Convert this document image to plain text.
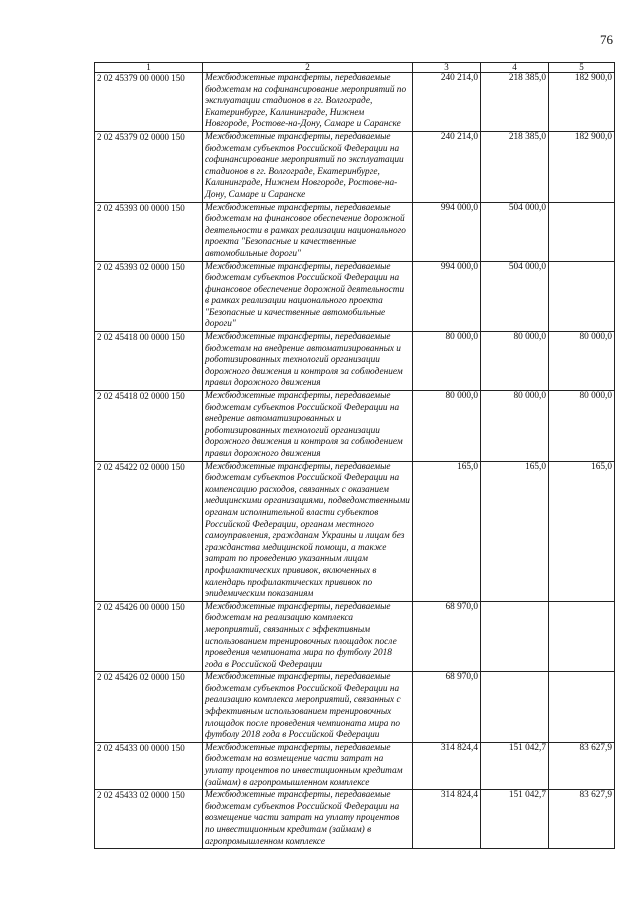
76
1	2	3	4	5
2 02 45379 00 0000 150	Межбюджетные трансферты, передаваемые бюджетам на софинансирование мероприятий по эксплуатации стадионов в гг. Волгограде, Екатеринбурге, Калининграде, Нижнем Новгороде, Ростове-на-Дону, Самаре и Саранске	240 214,0	218 385,0	182 900,0
2 02 45379 02 0000 150	Межбюджетные трансферты, передаваемые бюджетам субъектов Российской Федерации на софинансирование мероприятий по эксплуатации стадионов в гг. Волгограде, Екатеринбурге, Калининграде, Нижнем Новгороде, Ростове-на-Дону, Самаре и Саранске	240 214,0	218 385,0	182 900,0
2 02 45393 00 0000 150	Межбюджетные трансферты, передаваемые бюджетам на финансовое обеспечение дорожной деятельности в рамках реализации национального проекта "Безопасные и качественные автомобильные дороги"	994 000,0	504 000,0	
2 02 45393 02 0000 150	Межбюджетные трансферты, передаваемые бюджетам субъектов Российской Федерации на финансовое обеспечение дорожной деятельности в рамках реализации национального проекта "Безопасные и качественные автомобильные дороги"	994 000,0	504 000,0	
2 02 45418 00 0000 150	Межбюджетные трансферты, передаваемые бюджетам на внедрение автоматизированных и роботизированных технологий организации дорожного движения и контроля за соблюдением правил дорожного движения	80 000,0	80 000,0	80 000,0
2 02 45418 02 0000 150	Межбюджетные трансферты, передаваемые бюджетам субъектов Российской Федерации на внедрение автоматизированных и роботизированных технологий организации дорожного движения и контроля за соблюдением правил дорожного движения	80 000,0	80 000,0	80 000,0
2 02 45422 02 0000 150	Межбюджетные трансферты, передаваемые бюджетам субъектов Российской Федерации на компенсацию расходов, связанных с оказанием медицинскими организациями, подведомственными органам исполнительной власти субъектов Российской Федерации, органам местного самоуправления, гражданам Украины и лицам без гражданства медицинской помощи, а также затрат по проведению указанным лицам профилактических прививок, включенных в календарь профилактических прививок по эпидемическим показаниям	165,0	165,0	165,0
2 02 45426 00 0000 150	Межбюджетные трансферты, передаваемые бюджетам на реализацию комплекса мероприятий, связанных с эффективным использованием тренировочных площадок после проведения чемпионата мира по футболу 2018 года в Российской Федерации	68 970,0		
2 02 45426 02 0000 150	Межбюджетные трансферты, передаваемые бюджетам субъектов Российской Федерации на реализацию комплекса мероприятий, связанных с эффективным использованием тренировочных площадок после проведения чемпионата мира по футболу 2018 года в Российской Федерации	68 970,0		
2 02 45433 00 0000 150	Межбюджетные трансферты, передаваемые бюджетам на возмещение части затрат на уплату процентов по инвестиционным кредитам (займам) в агропромышленном комплексе	314 824,4	151 042,7	83 627,9
2 02 45433 02 0000 150	Межбюджетные трансферты, передаваемые бюджетам субъектов Российской Федерации на возмещение части затрат на уплату процентов по инвестиционным кредитам (займам) в агропромышленном комплексе	314 824,4	151 042,7	83 627,9
